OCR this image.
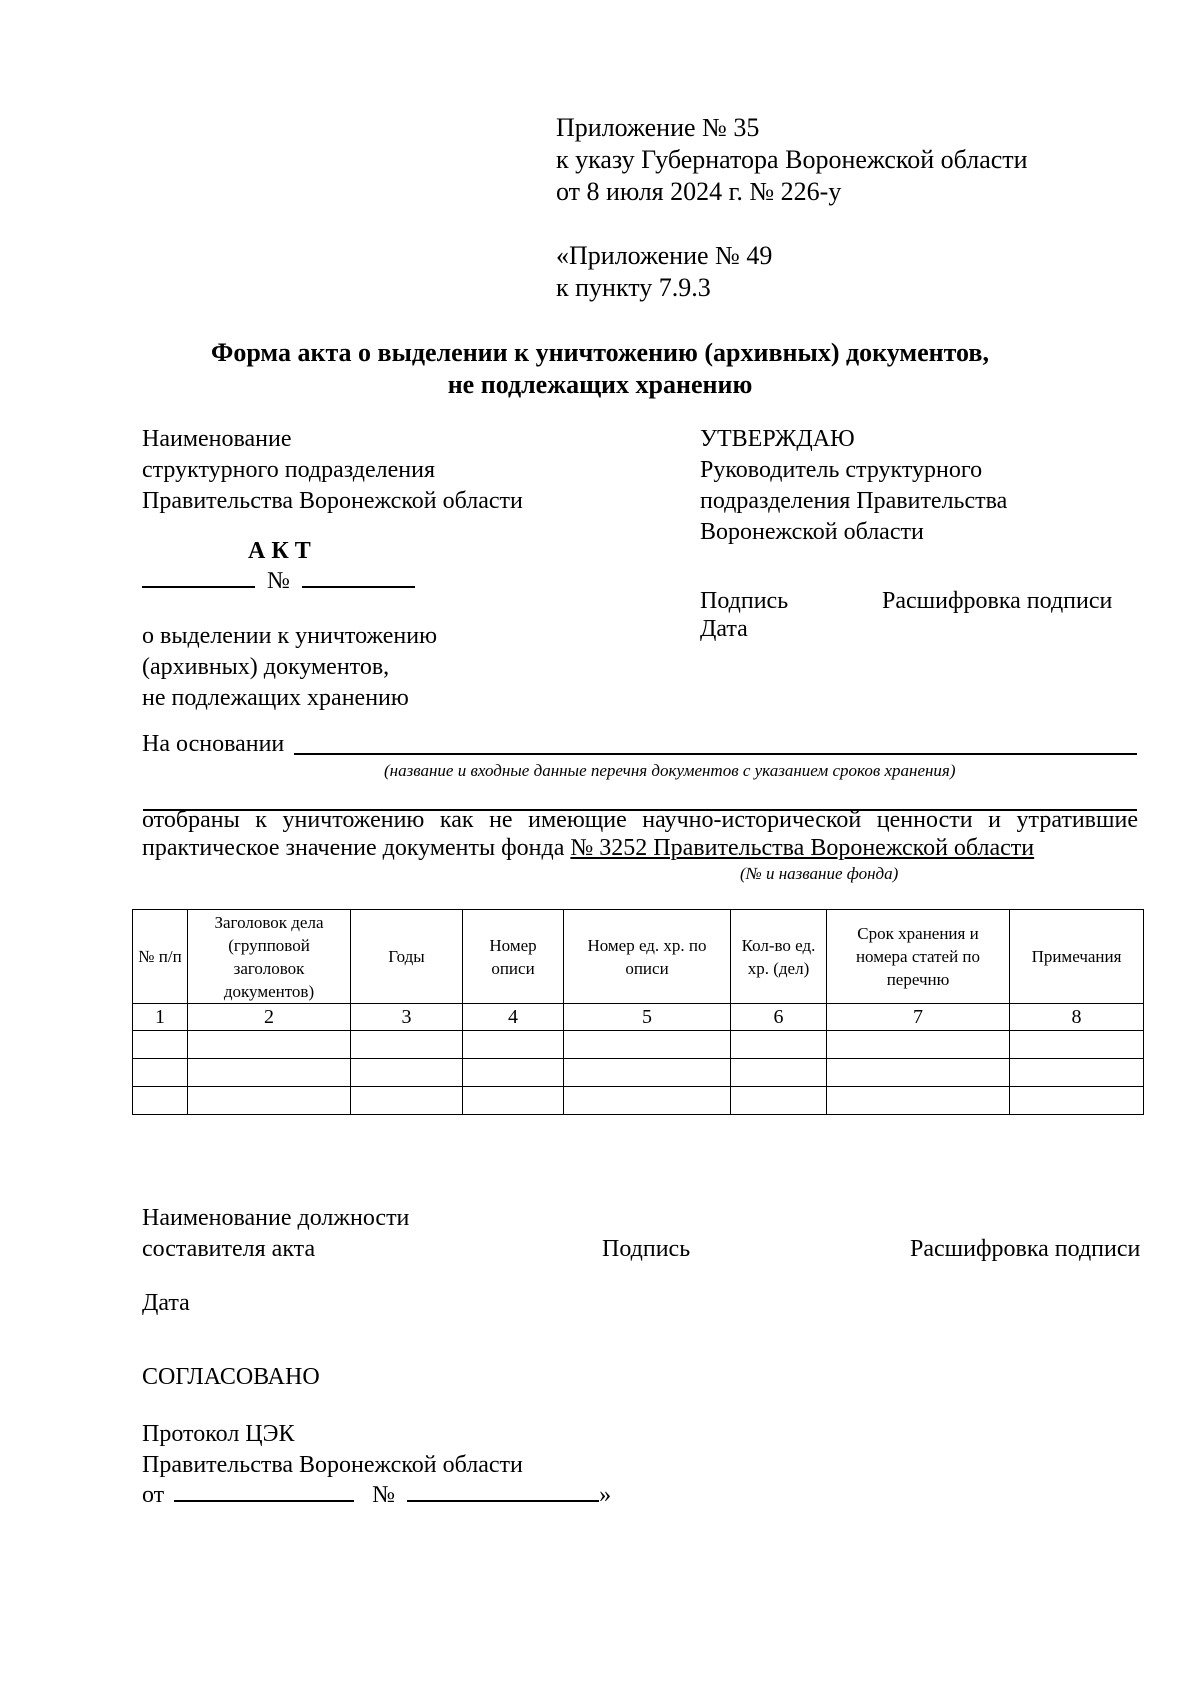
Приложение № 35
к указу Губернатора Воронежской области
от 8 июля 2024 г. № 226-у
«Приложение № 49
к пункту 7.9.3
Форма акта о выделении к уничтожению (архивных) документов,
не подлежащих хранению
Наименование
структурного подразделения
Правительства Воронежской области
А К Т
№
о выделении к уничтожению
(архивных) документов,
не подлежащих хранению
УТВЕРЖДАЮ
Руководитель структурного
подразделения Правительства
Воронежской области
Подпись	Расшифровка подписи
Дата
На основании
(название и входные данные перечня документов с указанием сроков хранения)
отобраны к уничтожению как не имеющие научно-исторической ценности и утратившие
практическое значение документы фонда № 3252 Правительства Воронежской области
(№ и название фонда)
№ п/п	Заголовок дела (групповой заголовок документов)	Годы	Номер описи	Номер ед. хр. по описи	Кол-во ед. хр. (дел)	Срок хранения и номера статей по перечню	Примечания
1	2	3	4	5	6	7	8

Наименование должности
составителя акта	Подпись	Расшифровка подписи
Дата
СОГЛАСОВАНО
Протокол ЦЭК
Правительства Воронежской области
от	№	»
